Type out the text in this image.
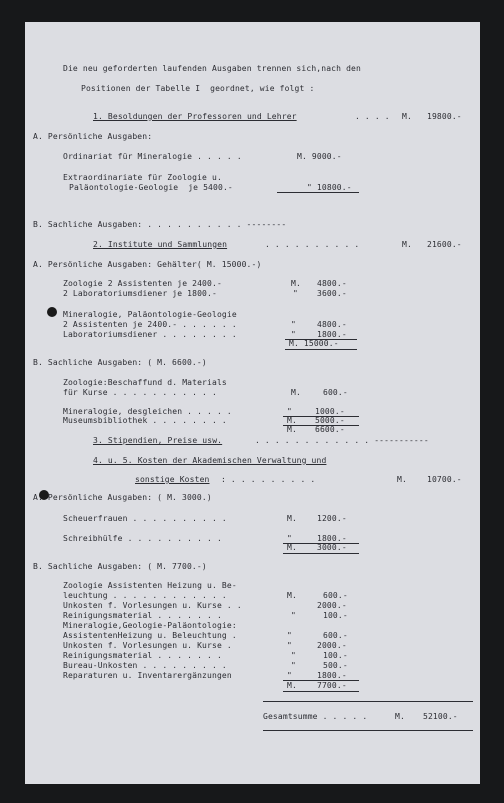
Die neu geforderten laufenden Ausgaben trennen sich,nach den
Positionen der Tabelle I  geordnet, wie folgt :
1. Besoldungen der Professoren und Lehrer	. . . . M. 19800.-
A. Persönliche Ausgaben:
Ordinariat für Mineralogie . . . . .	M. 9000.-
Extraordinariate für Zoologie u.
Paläontologie-Geologie  je 5400.-	" 10800.-
B. Sachliche Ausgaben: . . . . . . . . . . --------
2. Institute und Sammlungen	. . . . . . . . . .	M. 21600.-
A. Persönliche Ausgaben: Gehälter( M. 15000.-)
Zoologie 2 Assistenten je 2400.-	M. 4800.-
2 Laboratoriumsdiener je 1800.-	" 3600.-
Mineralogie, Paläontologie-Geologie
2 Assistenten je 2400.- . . . . . .	"	4800.-
Laboratoriumsdiener . . . . . . . .	"	1800.-
M. 15000.-
B. Sachliche Ausgaben: ( M. 6600.-)
Zoologie:Beschaffund d. Materials
für Kurse . . . . . . . . . . .	M.	600.-
Mineralogie, desgleichen . . . . .	"	1000.-
Museumsbibliothek . . . . . . . .	M. 5000.-
M. 6600.-
3. Stipendien, Preise usw.	. . . . . . . . . . . . -----------
4. u. 5. Kosten der Akademischen Verwaltung und
sonstige Kosten : . . . . . . . . .	M.	10700.-
A. Persönliche Ausgaben: ( M. 3000.)
Scheuerfrauen . . . . . . . . . .	M.	1200.-
Schreibhülfe . . . . . . . . . .	"	1800.-
M.	3000.-
B. Sachliche Ausgaben: ( M. 7700.-)
Zoologie Assistenten Heizung u. Be-
leuchtung . . . . . . . . . . . .	M.	600.-
Unkosten f. Vorlesungen u. Kurse . .	2000.-
Reinigungsmaterial . . . . . . .	"	100.-
Mineralogie,Geologie-Paläontologie:
AssistentenHeizung u. Beleuchtung .	"	600.-
Unkosten f. Vorlesungen u. Kurse .	"	2000.-
Reinigungsmaterial . . . . . . .	"	100.-
Bureau-Unkosten . . . . . . . . .	"	500.-
Reparaturen u. Inventarergänzungen	"	1800.-
M.	7700.-
Gesamtsumme . . . . .	M. 52100.-
